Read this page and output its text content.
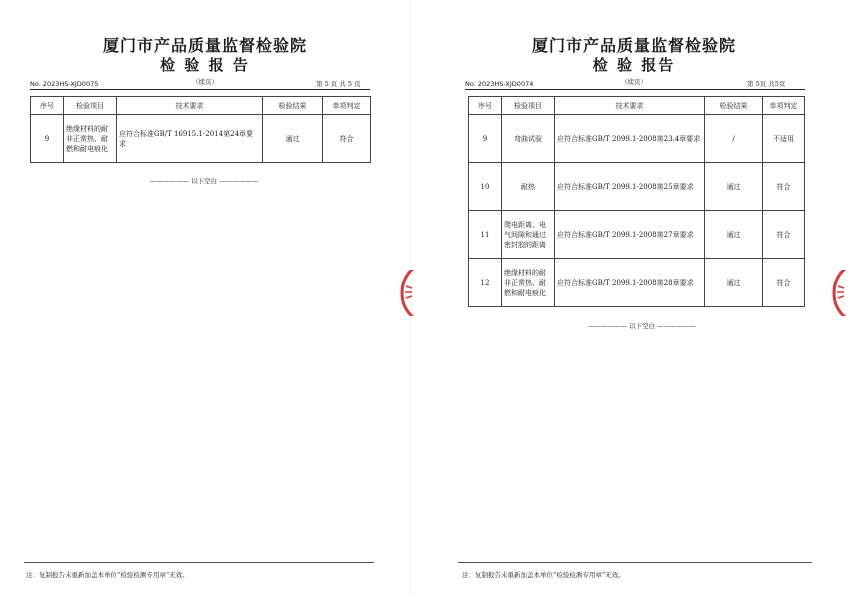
厦门市产品质量监督检验院
检 验 报 告
（续页）
No. 2023HS-XJD0075	第 5 页 共 5 页
序号	检验项目	技术要求	检验结果	单项判定
9	绝缘材料的耐非正常热、耐燃和耐电痕化	应符合标准GB/T 16915.1-2014第24章要求	通过	符合
—————— 以下空白 ——————
注：复制报告未重新加盖本单位“检验检测专用章”无效。
厦门市产品质量监督检验院
检 验 报告
（续页）
No. 2023HS-XJD0074	第 5页 共5页
序号	检验项目	技术要求	检验结果	单项判定
9	弯曲试验	应符合标准GB/T 2099.1-2008第23.4章要求	/	不适用
10	耐热	应符合标准GB/T 2099.1-2008第25章要求	通过	符合
11	爬电距离、电气间隙和通过密封胶的距离	应符合标准GB/T 2099.1-2008第27章要求	通过	符合
12	绝缘材料的耐非正常热、耐燃和耐电痕化	应符合标准GB/T 2099.1-2008第28章要求	通过	符合
—————— 以下空白 ——————
注：复制报告未重新加盖本单位“检验检测专用章”无效。
